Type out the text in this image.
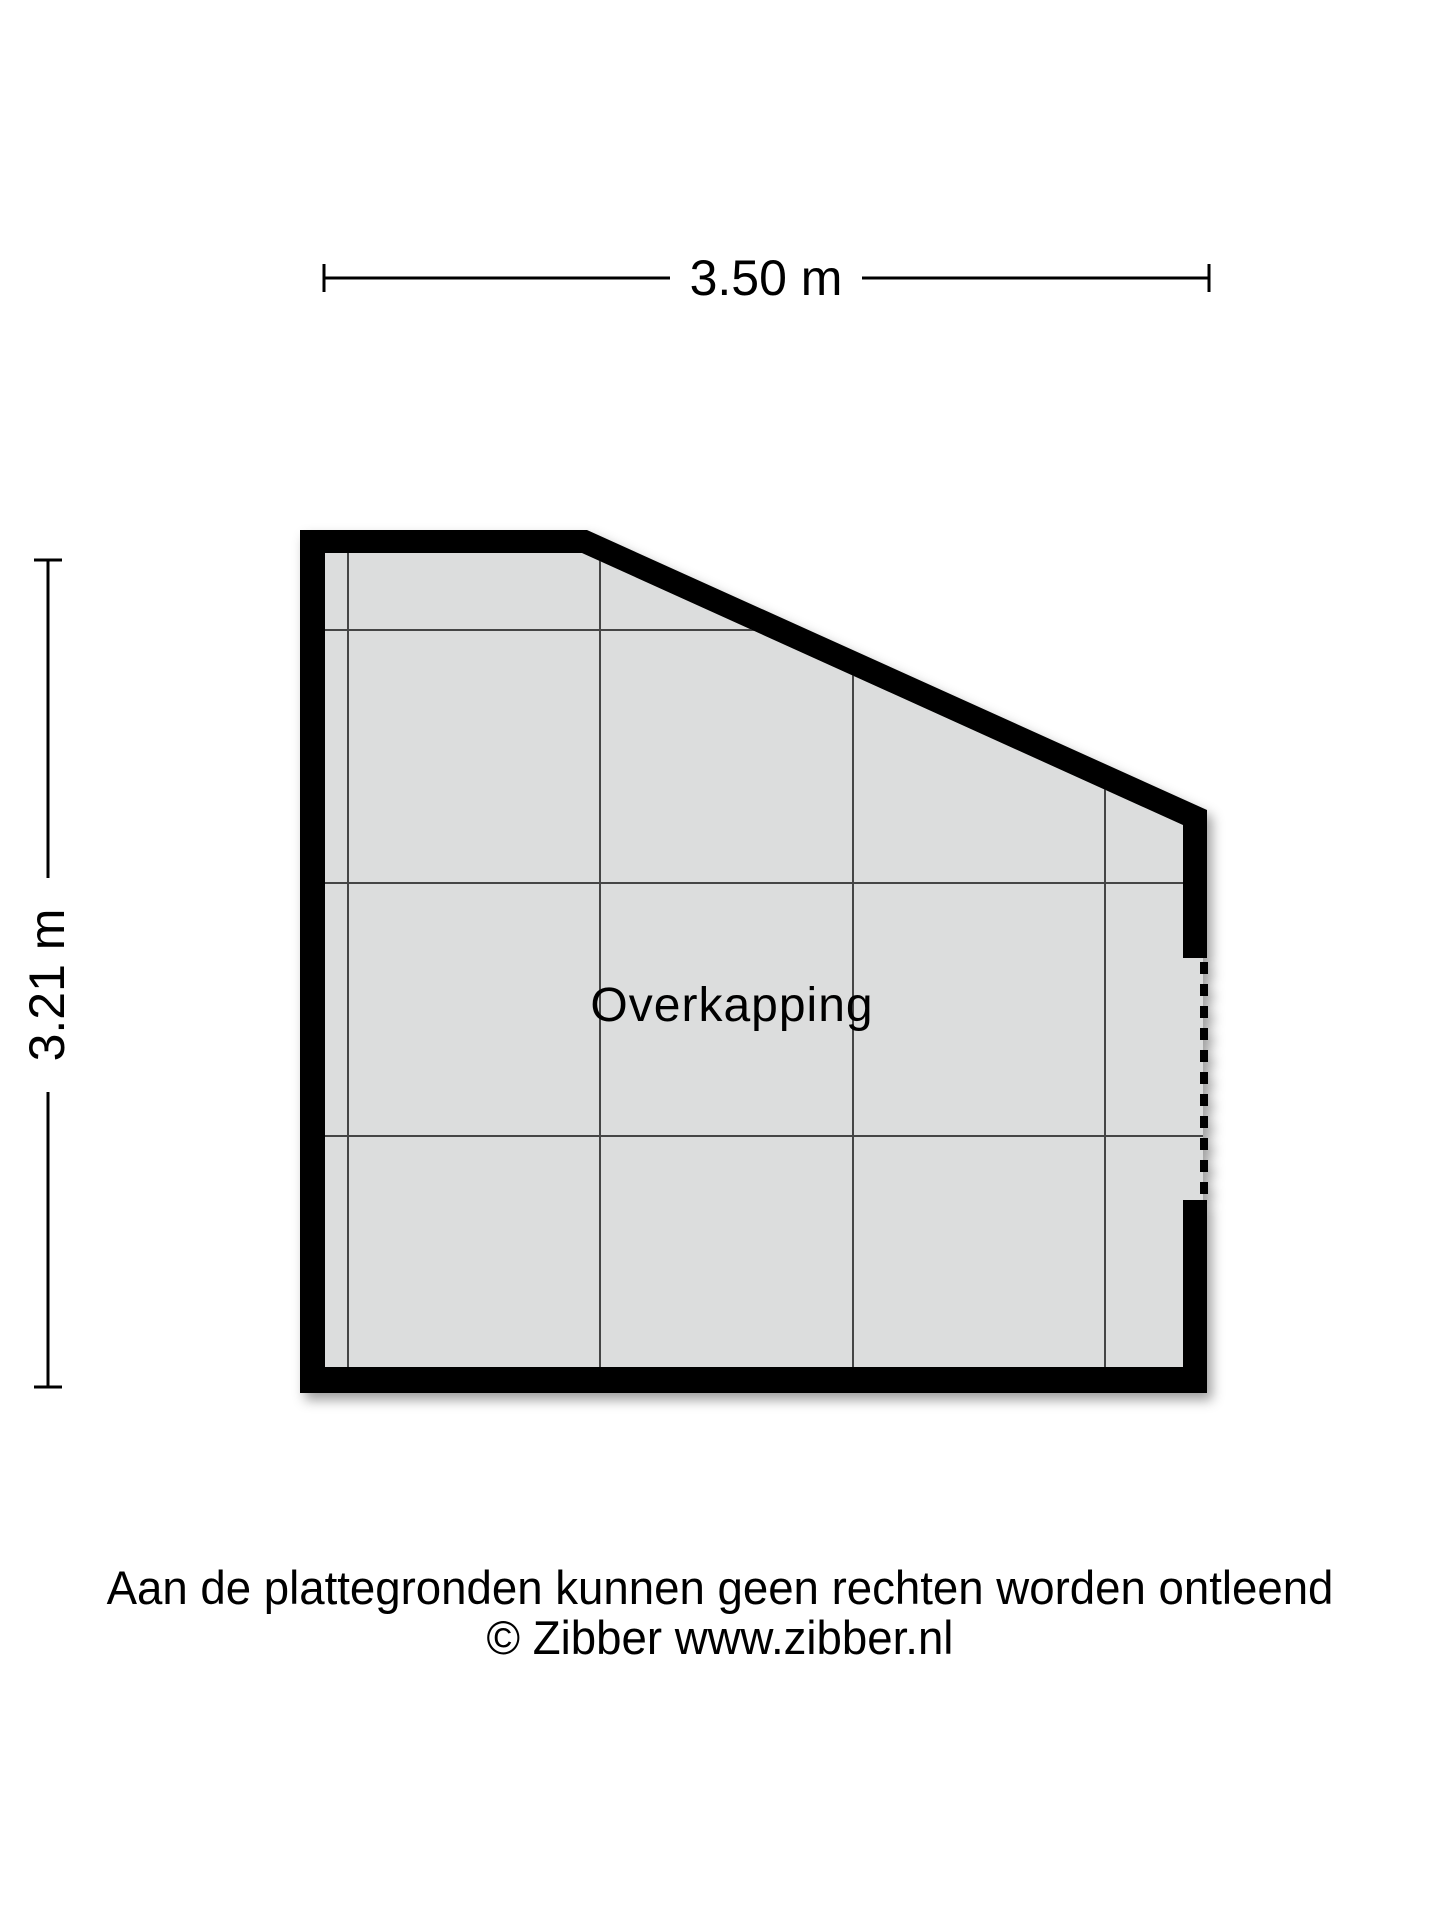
3.50 m
3.21 m	Overkapping
Aan de plattegronden kunnen geen rechten worden ontleend
© Zibber www.zibber.nl
